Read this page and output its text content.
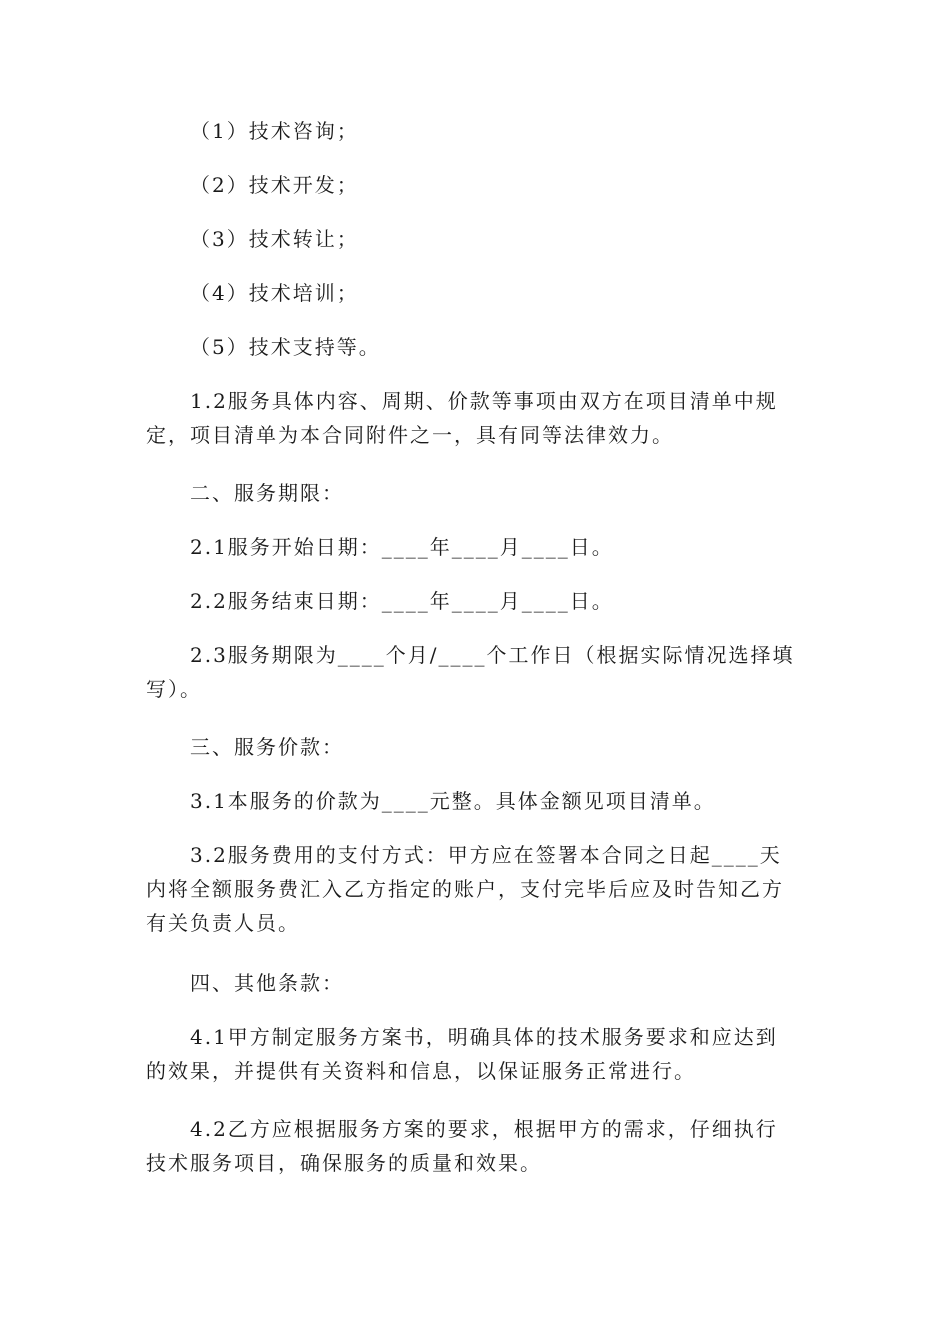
（1）技术咨询；
（2）技术开发；
（3）技术转让；
（4）技术培训；
（5）技术支持等。
1.2服务具体内容、周期、价款等事项由双方在项目清单中规
定，项目清单为本合同附件之一，具有同等法律效力。
二、服务期限：
2.1服务开始日期：____年____月____日。
2.2服务结束日期：____年____月____日。
2.3服务期限为____个月/____个工作日（根据实际情况选择填
写）。
三、服务价款：
3.1本服务的价款为____元整。具体金额见项目清单。
3.2服务费用的支付方式：甲方应在签署本合同之日起____天
内将全额服务费汇入乙方指定的账户，支付完毕后应及时告知乙方
有关负责人员。
四、其他条款：
4.1甲方制定服务方案书，明确具体的技术服务要求和应达到
的效果，并提供有关资料和信息，以保证服务正常进行。
4.2乙方应根据服务方案的要求，根据甲方的需求，仔细执行
技术服务项目，确保服务的质量和效果。
